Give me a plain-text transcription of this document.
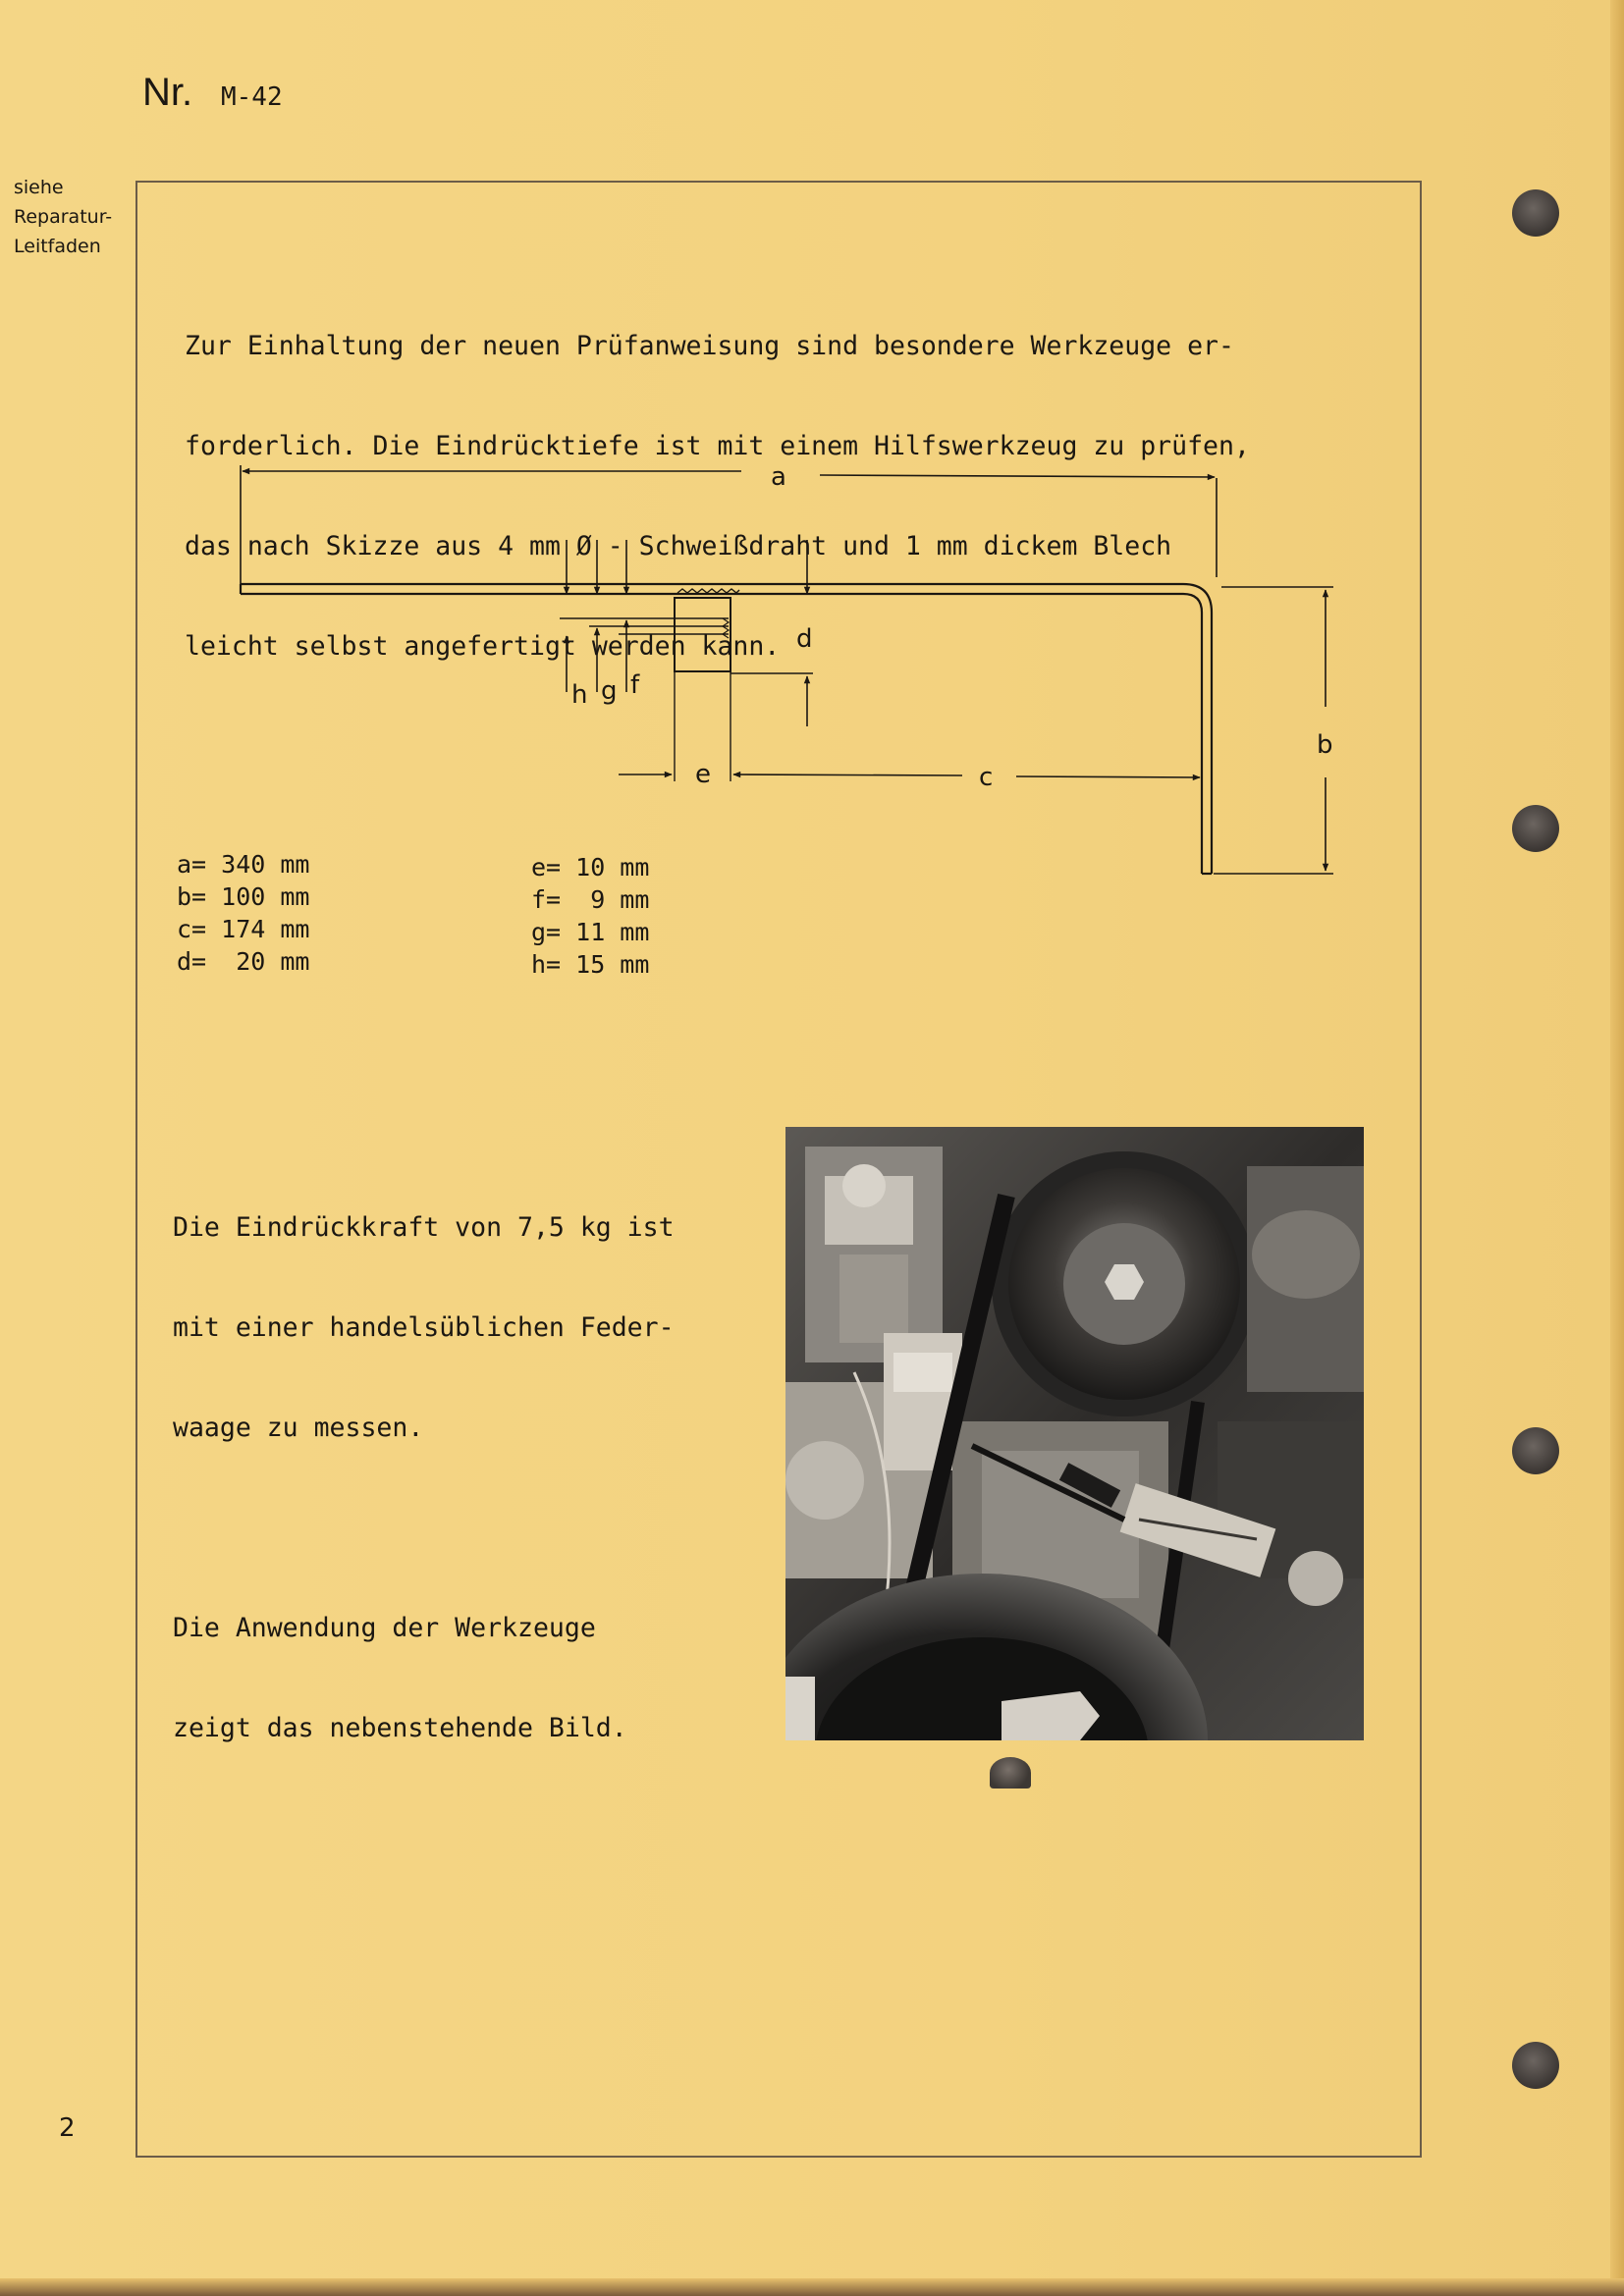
Nr. M-42
siehe
Reparatur-
Leitfaden

Zur Einhaltung der neuen Prüfanweisung sind besondere Werkzeuge er-

forderlich. Die Eindrücktiefe ist mit einem Hilfswerkzeug zu prüfen,

das nach Skizze aus 4 mm Ø - Schweißdraht und 1 mm dickem Blech

leicht selbst angefertigt werden kann.

a
b
c
d
e
f
g
h
a= 340 mm
b= 100 mm
c= 174 mm
d=  20 mm
e= 10 mm
f=  9 mm
g= 11 mm
h= 15 mm

Die Eindrückkraft von 7,5 kg ist

mit einer handelsüblichen Feder-

waage zu messen.

Die Anwendung der Werkzeuge

zeigt das nebenstehende Bild.

2
